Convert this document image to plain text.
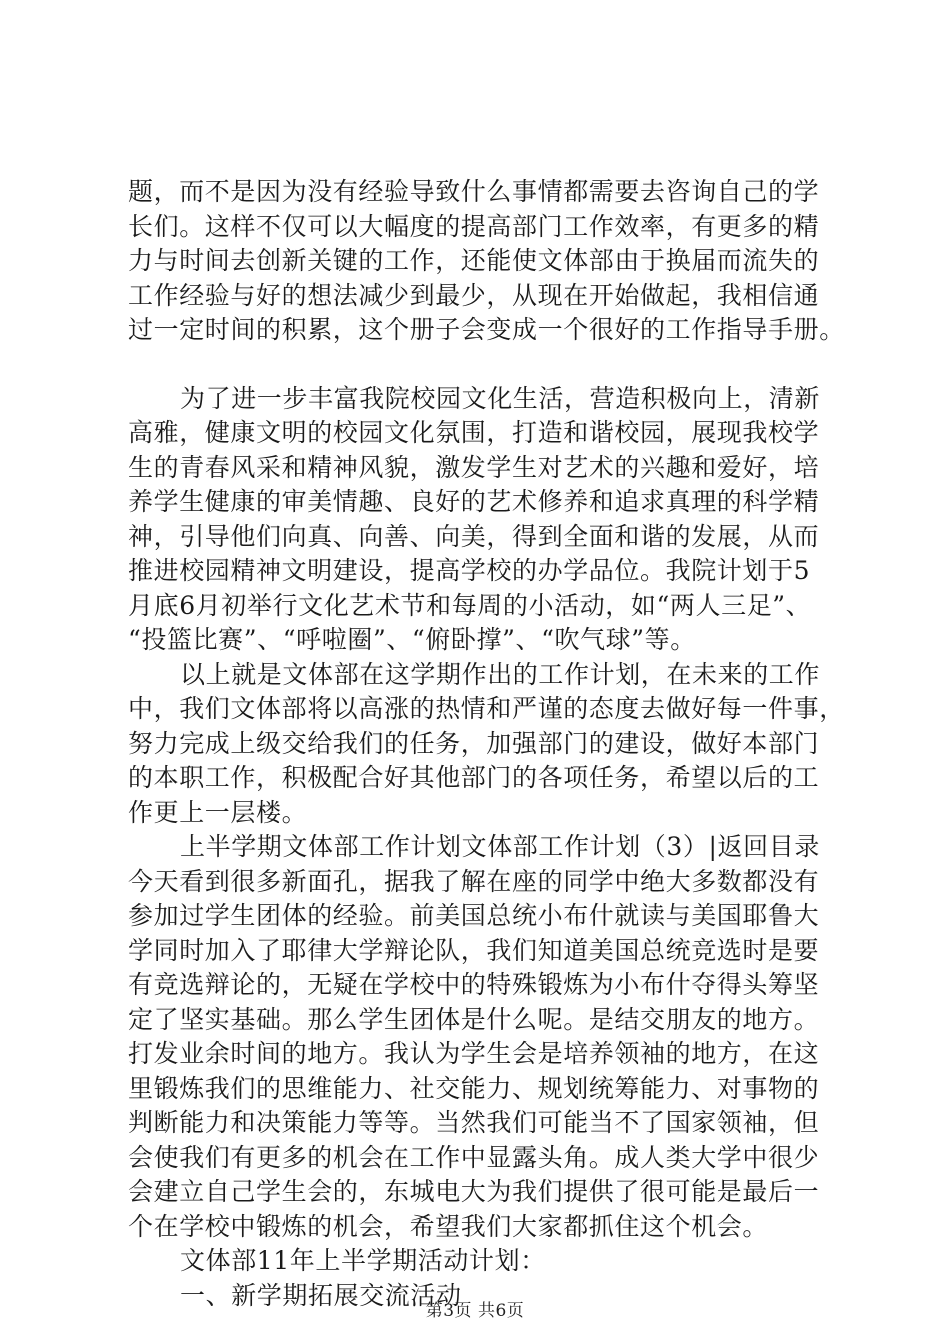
题，而不是因为没有经验导致什么事情都需要去咨询自己的学
长们。这样不仅可以大幅度的提高部门工作效率，有更多的精
力与时间去创新关键的工作，还能使文体部由于换届而流失的
工作经验与好的想法减少到最少，从现在开始做起，我相信通
过一定时间的积累，这个册子会变成一个很好的工作指导手册。
为了进一步丰富我院校园文化生活，营造积极向上，清新
高雅，健康文明的校园文化氛围，打造和谐校园，展现我校学
生的青春风采和精神风貌，激发学生对艺术的兴趣和爱好，培
养学生健康的审美情趣、良好的艺术修养和追求真理的科学精
神，引导他们向真、向善、向美，得到全面和谐的发展，从而
推进校园精神文明建设，提高学校的办学品位。我院计划于5
月底6月初举行文化艺术节和每周的小活动，如“两人三足”、
“投篮比赛”、“呼啦圈”、“俯卧撑”、“吹气球”等。
以上就是文体部在这学期作出的工作计划，在未来的工作
中，我们文体部将以高涨的热情和严谨的态度去做好每一件事，
努力完成上级交给我们的任务，加强部门的建设，做好本部门
的本职工作，积极配合好其他部门的各项任务，希望以后的工
作更上一层楼。
上半学期文体部工作计划文体部工作计划（3）|返回目录
今天看到很多新面孔，据我了解在座的同学中绝大多数都没有
参加过学生团体的经验。前美国总统小布什就读与美国耶鲁大
学同时加入了耶律大学辩论队，我们知道美国总统竞选时是要
有竞选辩论的，无疑在学校中的特殊锻炼为小布什夺得头筹坚
定了坚实基础。那么学生团体是什么呢。是结交朋友的地方。
打发业余时间的地方。我认为学生会是培养领袖的地方，在这
里锻炼我们的思维能力、社交能力、规划统筹能力、对事物的
判断能力和决策能力等等。当然我们可能当不了国家领袖，但
会使我们有更多的机会在工作中显露头角。成人类大学中很少
会建立自己学生会的，东城电大为我们提供了很可能是最后一
个在学校中锻炼的机会，希望我们大家都抓住这个机会。
文体部11年上半学期活动计划：
一、新学期拓展交流活动
第3页 共6页
